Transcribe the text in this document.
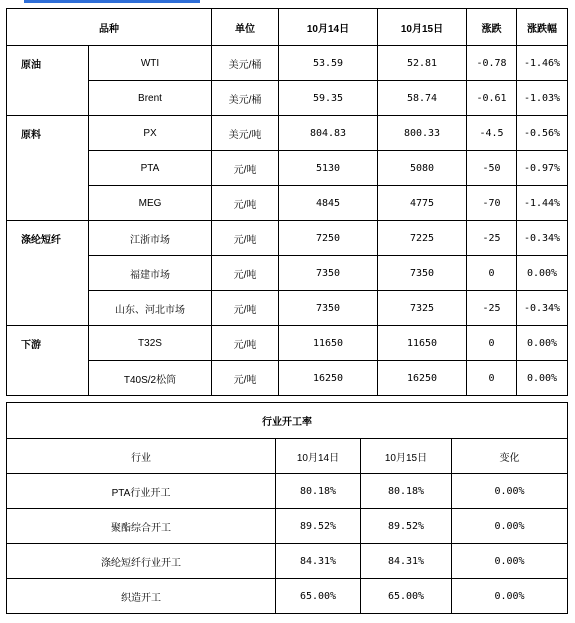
品种		单位	10月14日	10月15日	涨跌	涨跌幅
原油	WTI	美元/桶	53.59	52.81	-0.78	-1.46%
	Brent	美元/桶	59.35	58.74	-0.61	-1.03%
原料	PX	美元/吨	804.83	800.33	-4.5	-0.56%
	PTA	元/吨	5130	5080	-50	-0.97%
	MEG	元/吨	4845	4775	-70	-1.44%
涤纶短纤	江浙市场	元/吨	7250	7225	-25	-0.34%
	福建市场	元/吨	7350	7350	0	0.00%
	山东、河北市场	元/吨	7350	7325	-25	-0.34%
下游	T32S	元/吨	11650	11650	0	0.00%
	T40S/2松筒	元/吨	16250	16250	0	0.00%
行业开工率			
行业	10月14日	10月15日	变化
PTA行业开工	80.18%	80.18%	0.00%
聚酯综合开工	89.52%	89.52%	0.00%
涤纶短纤行业开工	84.31%	84.31%	0.00%
织造开工	65.00%	65.00%	0.00%
